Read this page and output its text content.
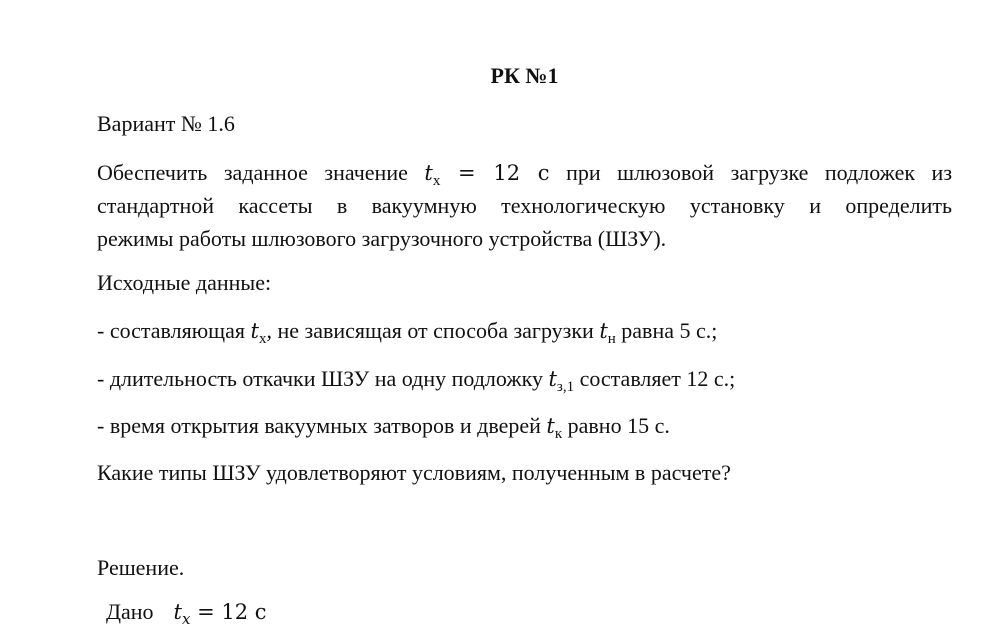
РК №1
Вариант № 1.6
Обеспечить заданное значение $t_х = 12$ с при шлюзовой загрузке подложек из
стандартной кассеты в вакуумную технологическую установку и определить
режимы работы шлюзового загрузочного устройства (ШЗУ).
Исходные данные:
- составляющая $t_х$, не зависящая от способа загрузки $t_н$ равна 5 с.;
- длительность откачки ШЗУ на одну подложку $t_{з,1}$ составляет 12 с.;
- время открытия вакуумных затворов и дверей $t_к$ равно 15 с.
Какие типы ШЗУ удовлетворяют условиям, полученным в расчете?
Решение.
Дано $t_x = 12$ с
